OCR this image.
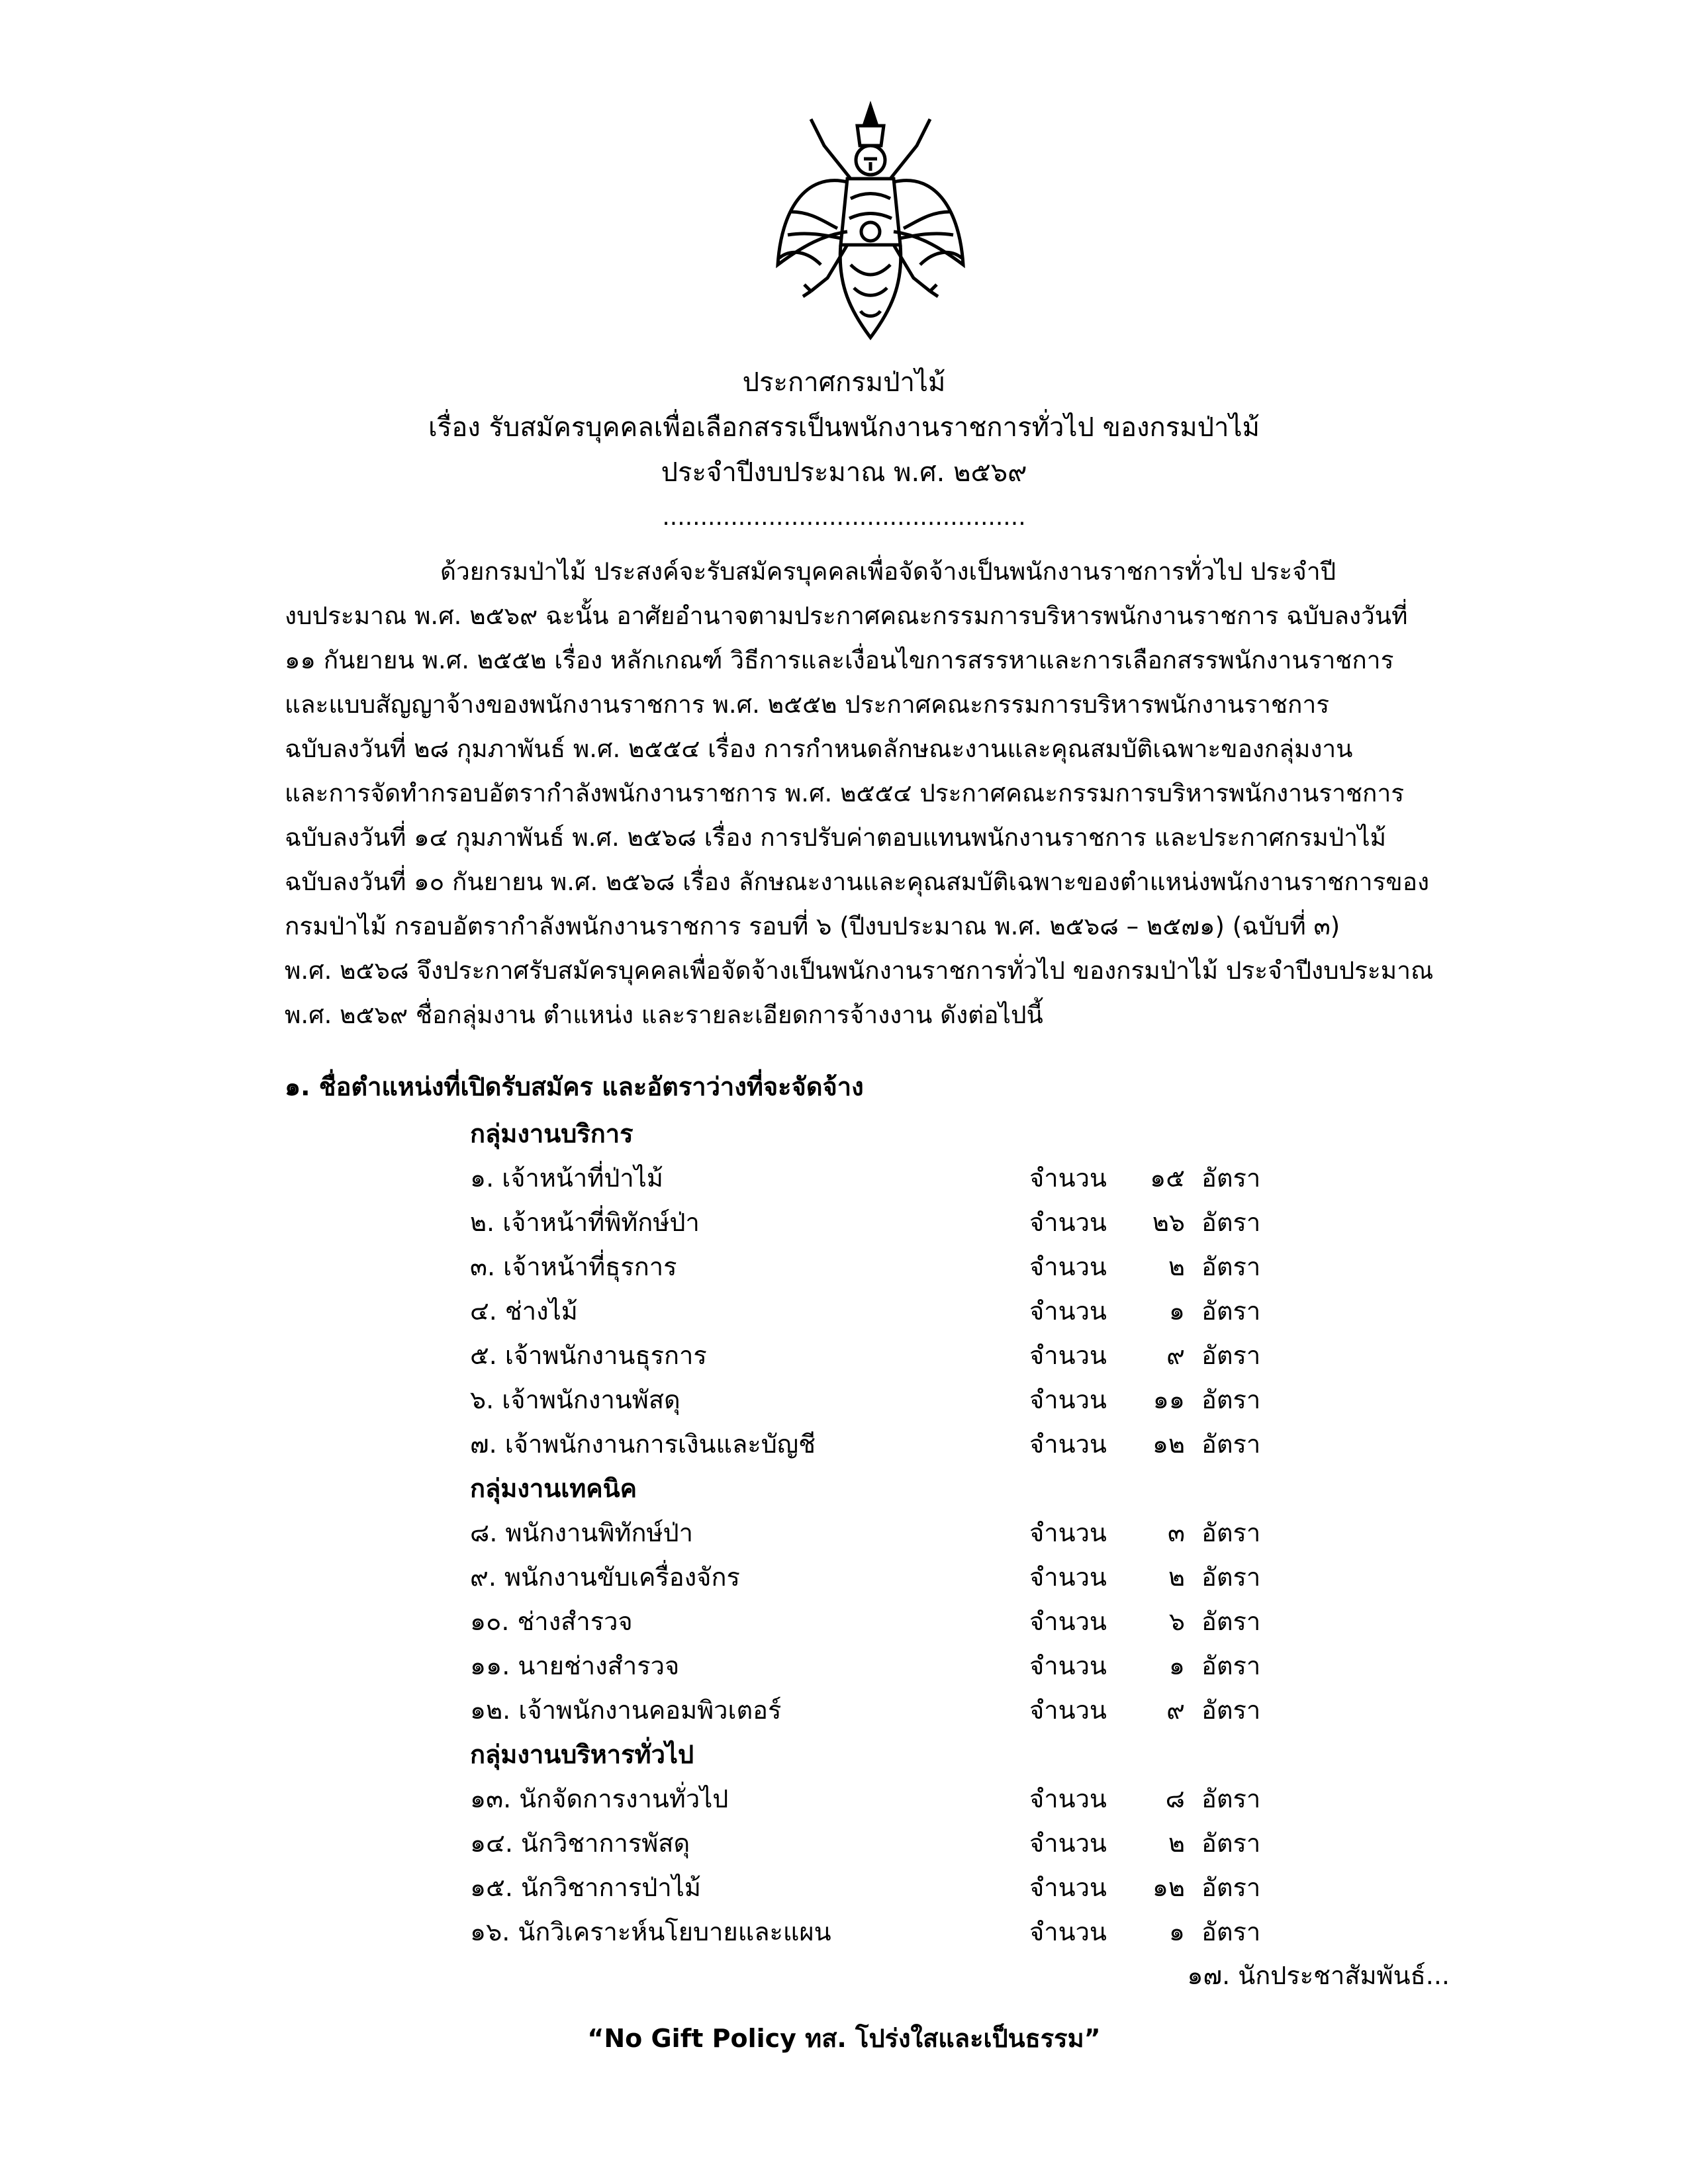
ประกาศกรมป่าไม้
เรื่อง รับสมัครบุคคลเพื่อเลือกสรรเป็นพนักงานราชการทั่วไป ของกรมป่าไม้
ประจำปีงบประมาณ พ.ศ. ๒๕๖๙
................................................

ด้วยกรมป่าไม้ ประสงค์จะรับสมัครบุคคลเพื่อจัดจ้างเป็นพนักงานราชการทั่วไป ประจำปี

งบประมาณ พ.ศ. ๒๕๖๙ ฉะนั้น อาศัยอำนาจตามประกาศคณะกรรมการบริหารพนักงานราชการ ฉบับลงวันที่

๑๑ กันยายน พ.ศ. ๒๕๕๒ เรื่อง หลักเกณฑ์ วิธีการและเงื่อนไขการสรรหาและการเลือกสรรพนักงานราชการ

และแบบสัญญาจ้างของพนักงานราชการ พ.ศ. ๒๕๕๒ ประกาศคณะกรรมการบริหารพนักงานราชการ

ฉบับลงวันที่ ๒๘ กุมภาพันธ์ พ.ศ. ๒๕๕๔ เรื่อง การกำหนดลักษณะงานและคุณสมบัติเฉพาะของกลุ่มงาน

และการจัดทำกรอบอัตรากำลังพนักงานราชการ พ.ศ. ๒๕๕๔ ประกาศคณะกรรมการบริหารพนักงานราชการ

ฉบับลงวันที่ ๑๔ กุมภาพันธ์ พ.ศ. ๒๕๖๘ เรื่อง การปรับค่าตอบแทนพนักงานราชการ และประกาศกรมป่าไม้

ฉบับลงวันที่ ๑๐ กันยายน พ.ศ. ๒๕๖๘ เรื่อง ลักษณะงานและคุณสมบัติเฉพาะของตำแหน่งพนักงานราชการของ

กรมป่าไม้ กรอบอัตรากำลังพนักงานราชการ รอบที่ ๖ (ปีงบประมาณ พ.ศ. ๒๕๖๘ – ๒๕๗๑) (ฉบับที่ ๓)

พ.ศ. ๒๕๖๘ จึงประกาศรับสมัครบุคคลเพื่อจัดจ้างเป็นพนักงานราชการทั่วไป ของกรมป่าไม้ ประจำปีงบประมาณ

พ.ศ. ๒๕๖๙ ชื่อกลุ่มงาน ตำแหน่ง และรายละเอียดการจ้างงาน ดังต่อไปนี้

๑. ชื่อตำแหน่งที่เปิดรับสมัคร และอัตราว่างที่จะจัดจ้าง
กลุ่มงานบริการ
๑. เจ้าหน้าที่ป่าไม้	จำนวน	๑๕ อัตรา
๒. เจ้าหน้าที่พิทักษ์ป่า	จำนวน	๒๖ อัตรา
๓. เจ้าหน้าที่ธุรการ	จำนวน	๒ อัตรา
๔. ช่างไม้	จำนวน	๑ อัตรา
๕. เจ้าพนักงานธุรการ	จำนวน	๙ อัตรา
๖. เจ้าพนักงานพัสดุ	จำนวน	๑๑ อัตรา
๗. เจ้าพนักงานการเงินและบัญชี	จำนวน	๑๒ อัตรา
กลุ่มงานเทคนิค
๘. พนักงานพิทักษ์ป่า	จำนวน	๓ อัตรา
๙. พนักงานขับเครื่องจักร	จำนวน	๒ อัตรา
๑๐. ช่างสำรวจ	จำนวน	๖ อัตรา
๑๑. นายช่างสำรวจ	จำนวน	๑ อัตรา
๑๒. เจ้าพนักงานคอมพิวเตอร์	จำนวน	๙ อัตรา
กลุ่มงานบริหารทั่วไป
๑๓. นักจัดการงานทั่วไป	จำนวน	๘ อัตรา
๑๔. นักวิชาการพัสดุ	จำนวน	๒ อัตรา
๑๕. นักวิชาการป่าไม้	จำนวน	๑๒ อัตรา
๑๖. นักวิเคราะห์นโยบายและแผน	จำนวน	๑ อัตรา
๑๗. นักประชาสัมพันธ์...
“No Gift Policy ทส. โปร่งใสและเป็นธรรม”
